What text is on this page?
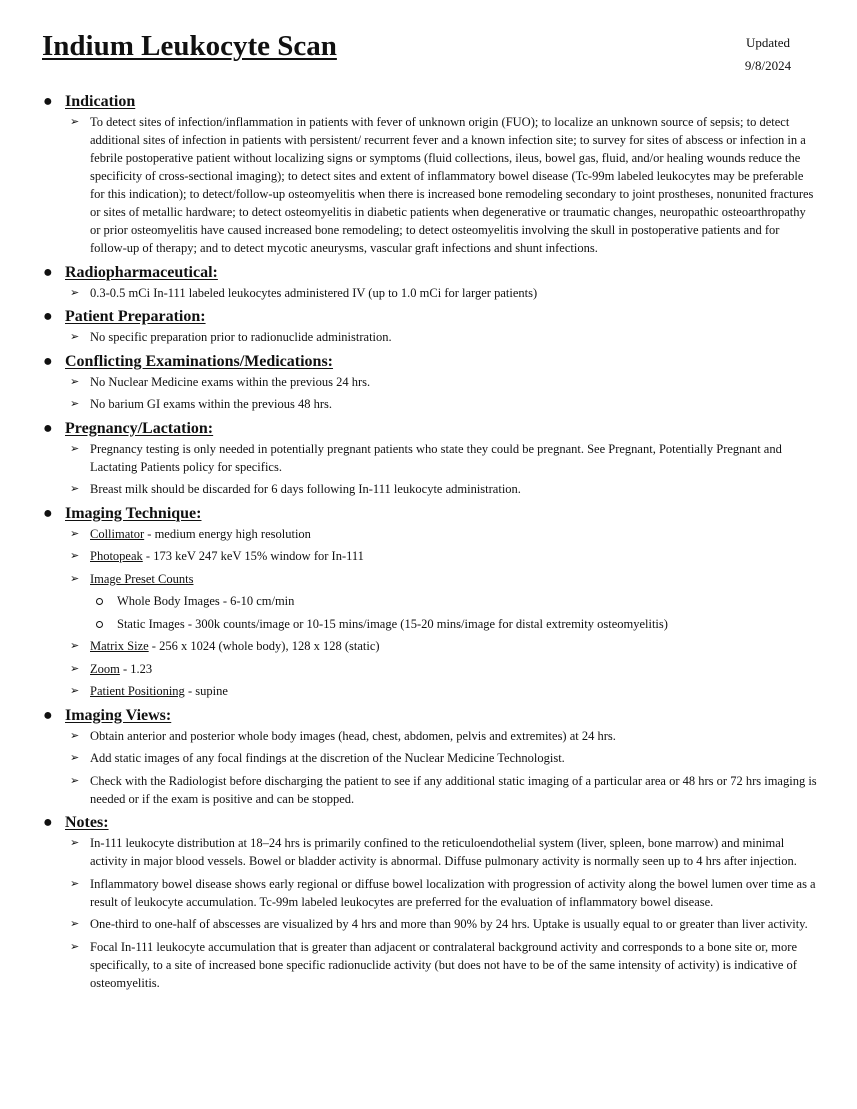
Indium Leukocyte Scan	Updated
9/8/2024
● Indication
➢ To detect sites of infection/inflammation in patients with fever of unknown origin (FUO); to localize an unknown source of sepsis; to detect additional sites of infection in patients with persistent/ recurrent fever and a known infection site; to survey for sites of abscess or infection in a febrile postoperative patient without localizing signs or symptoms (fluid collections, ileus, bowel gas, fluid, and/or healing wounds reduce the specificity of cross-sectional imaging); to detect sites and extent of inflammatory bowel disease (Tc-99m labeled leukocytes may be preferable for this indication); to detect/follow-up osteomyelitis when there is increased bone remodeling secondary to joint prostheses, nonunited fractures or sites of metallic hardware; to detect osteomyelitis in diabetic patients when degenerative or traumatic changes, neuropathic osteoarthropathy or prior osteomyelitis have caused increased bone remodeling; to detect osteomyelitis involving the skull in postoperative patients and for follow-up of therapy; and to detect mycotic aneurysms, vascular graft infections and shunt infections.
● Radiopharmaceutical:
➢ 0.3-0.5 mCi In-111 labeled leukocytes administered IV (up to 1.0 mCi for larger patients)
● Patient Preparation:
➢ No specific preparation prior to radionuclide administration.
● Conflicting Examinations/Medications:
➢ No Nuclear Medicine exams within the previous 24 hrs.
➢ No barium GI exams within the previous 48 hrs.
● Pregnancy/Lactation:
➢ Pregnancy testing is only needed in potentially pregnant patients who state they could be pregnant. See Pregnant, Potentially Pregnant and Lactating Patients policy for specifics.
➢ Breast milk should be discarded for 6 days following In-111 leukocyte administration.
● Imaging Technique:
➢ Collimator - medium energy high resolution
➢ Photopeak - 173 keV 247 keV 15% window for In-111
➢ Image Preset Counts
Whole Body Images - 6-10 cm/min
Static Images - 300k counts/image or 10-15 mins/image (15-20 mins/image for distal extremity osteomyelitis)
➢ Matrix Size - 256 x 1024 (whole body), 128 x 128 (static)
➢ Zoom - 1.23
➢ Patient Positioning - supine
● Imaging Views:
➢ Obtain anterior and posterior whole body images (head, chest, abdomen, pelvis and extremites) at 24 hrs.
➢ Add static images of any focal findings at the discretion of the Nuclear Medicine Technologist.
➢ Check with the Radiologist before discharging the patient to see if any additional static imaging of a particular area or 48 hrs or 72 hrs imaging is needed or if the exam is positive and can be stopped.
● Notes:
➢ In-111 leukocyte distribution at 18–24 hrs is primarily confined to the reticuloendothelial system (liver, spleen, bone marrow) and minimal activity in major blood vessels. Bowel or bladder activity is abnormal. Diffuse pulmonary activity is normally seen up to 4 hrs after injection.
➢ Inflammatory bowel disease shows early regional or diffuse bowel localization with progression of activity along the bowel lumen over time as a result of leukocyte accumulation. Tc-99m labeled leukocytes are preferred for the evaluation of inflammatory bowel disease.
➢ One-third to one-half of abscesses are visualized by 4 hrs and more than 90% by 24 hrs. Uptake is usually equal to or greater than liver activity.
➢ Focal In-111 leukocyte accumulation that is greater than adjacent or contralateral background activity and corresponds to a bone site or, more specifically, to a site of increased bone specific radionuclide activity (but does not have to be of the same intensity of activity) is indicative of osteomyelitis.
